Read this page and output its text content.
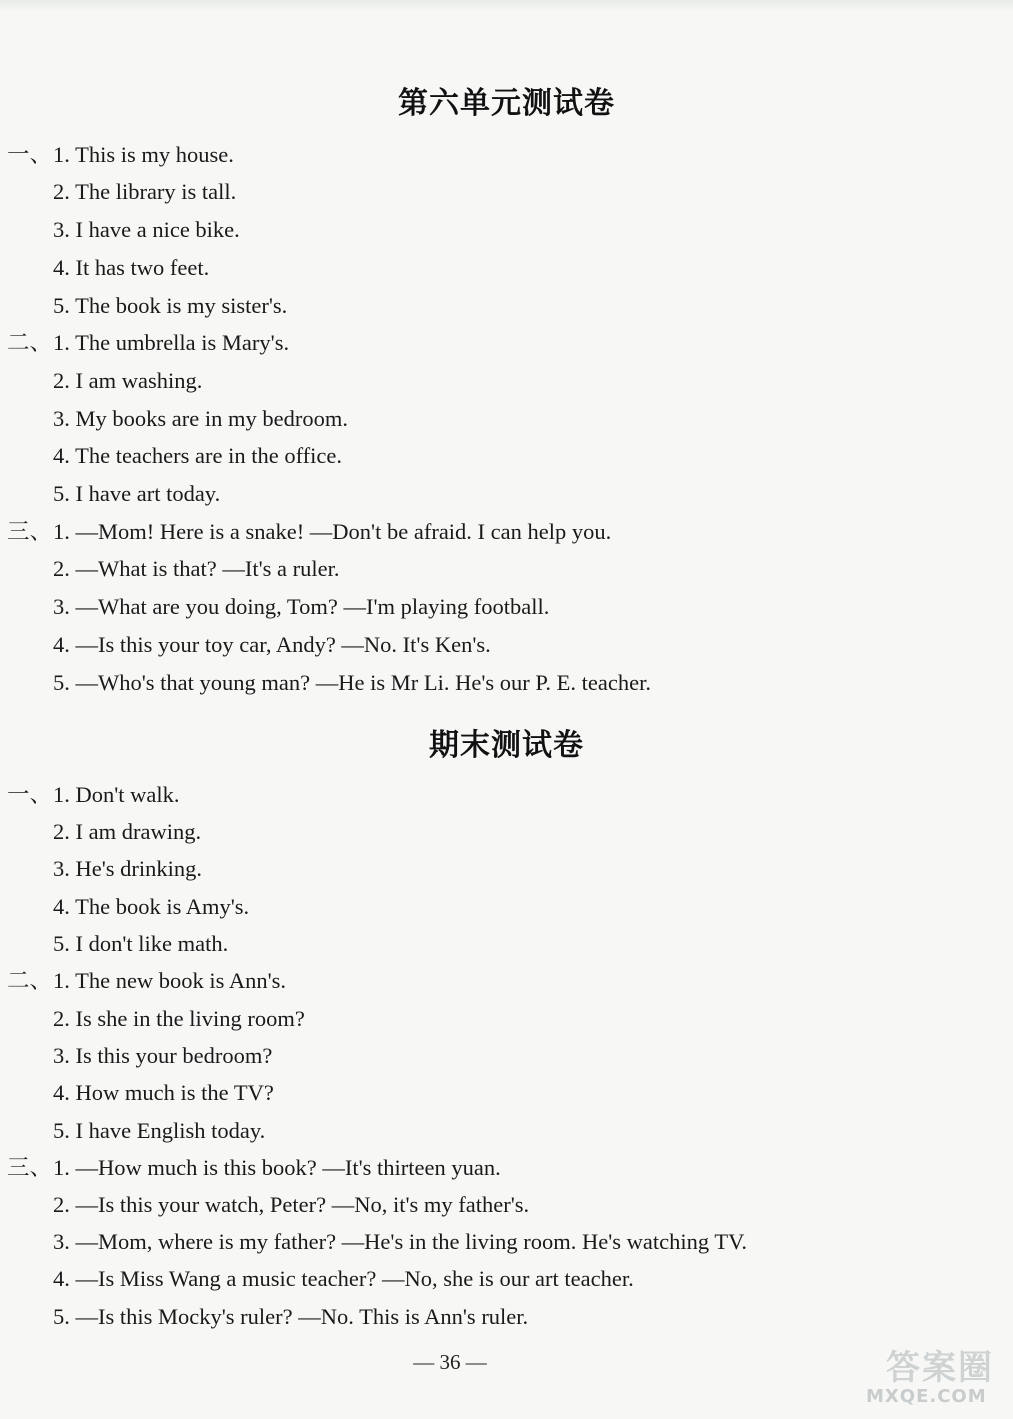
第六单元测试卷
一、1. This is my house.
2. The library is tall.
3. I have a nice bike.
4. It has two feet.
5. The book is my sister's.
二、1. The umbrella is Mary's.
2. I am washing.
3. My books are in my bedroom.
4. The teachers are in the office.
5. I have art today.
三、1. —Mom! Here is a snake! —Don't be afraid. I can help you.
2. —What is that? —It's a ruler.
3. —What are you doing, Tom? —I'm playing football.
4. —Is this your toy car, Andy? —No. It's Ken's.
5. —Who's that young man? —He is Mr Li. He's our P. E. teacher.
期末测试卷
一、1. Don't walk.
2. I am drawing.
3. He's drinking.
4. The book is Amy's.
5. I don't like math.
二、1. The new book is Ann's.
2. Is she in the living room?
3. Is this your bedroom?
4. How much is the TV?
5. I have English today.
三、1. —How much is this book? —It's thirteen yuan.
2. —Is this your watch, Peter? —No, it's my father's.
3. —Mom, where is my father? —He's in the living room. He's watching TV.
4. —Is Miss Wang a music teacher? —No, she is our art teacher.
5. —Is this Mocky's ruler? —No. This is Ann's ruler.
— 36 —	答案圈
MXQE.COM
